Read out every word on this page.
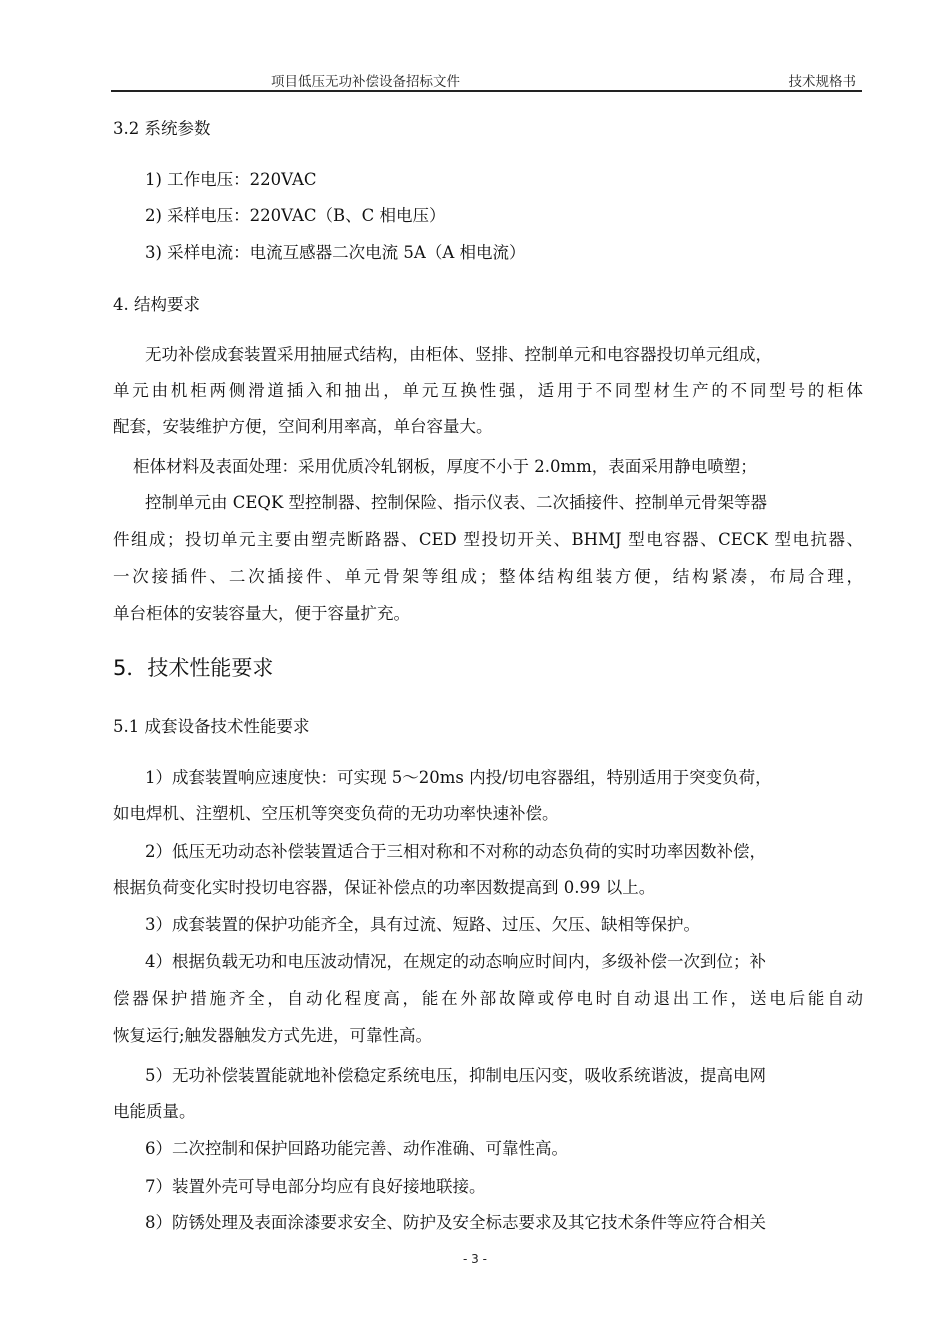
项目低压无功补偿设备招标文件	技术规格书
3.2 系统参数
1) 工作电压：220VAC
2) 采样电压：220VAC（B、C 相电压）
3) 采样电流：电流互感器二次电流 5A（A 相电流）
4. 结构要求
无功补偿成套装置采用抽屉式结构，由柜体、竖排、控制单元和电容器投切单元组成，
单元由机柜两侧滑道插入和抽出，单元互换性强，适用于不同型材生产的不同型号的柜体
配套，安装维护方便，空间利用率高，单台容量大。
柜体材料及表面处理：采用优质冷轧钢板，厚度不小于 2.0mm，表面采用静电喷塑；
控制单元由 CEQK 型控制器、控制保险、指示仪表、二次插接件、控制单元骨架等器
件组成；投切单元主要由塑壳断路器、CED 型投切开关、BHMJ 型电容器、CECK 型电抗器、
一次接插件、二次插接件、单元骨架等组成；整体结构组装方便，结构紧凑，布局合理，
单台柜体的安装容量大，便于容量扩充。
5．技术性能要求
5.1 成套设备技术性能要求
1）成套装置响应速度快：可实现 5～20ms 内投/切电容器组，特别适用于突变负荷，
如电焊机、注塑机、空压机等突变负荷的无功功率快速补偿。
2）低压无功动态补偿装置适合于三相对称和不对称的动态负荷的实时功率因数补偿，
根据负荷变化实时投切电容器，保证补偿点的功率因数提高到 0.99 以上。
3）成套装置的保护功能齐全，具有过流、短路、过压、欠压、缺相等保护。
4）根据负载无功和电压波动情况，在规定的动态响应时间内，多级补偿一次到位；补
偿器保护措施齐全，自动化程度高，能在外部故障或停电时自动退出工作，送电后能自动
恢复运行;触发器触发方式先进，可靠性高。
5）无功补偿装置能就地补偿稳定系统电压，抑制电压闪变，吸收系统谐波，提高电网
电能质量。
6）二次控制和保护回路功能完善、动作准确、可靠性高。
7）装置外壳可导电部分均应有良好接地联接。
8）防锈处理及表面涂漆要求安全、防护及安全标志要求及其它技术条件等应符合相关
- 3 -
